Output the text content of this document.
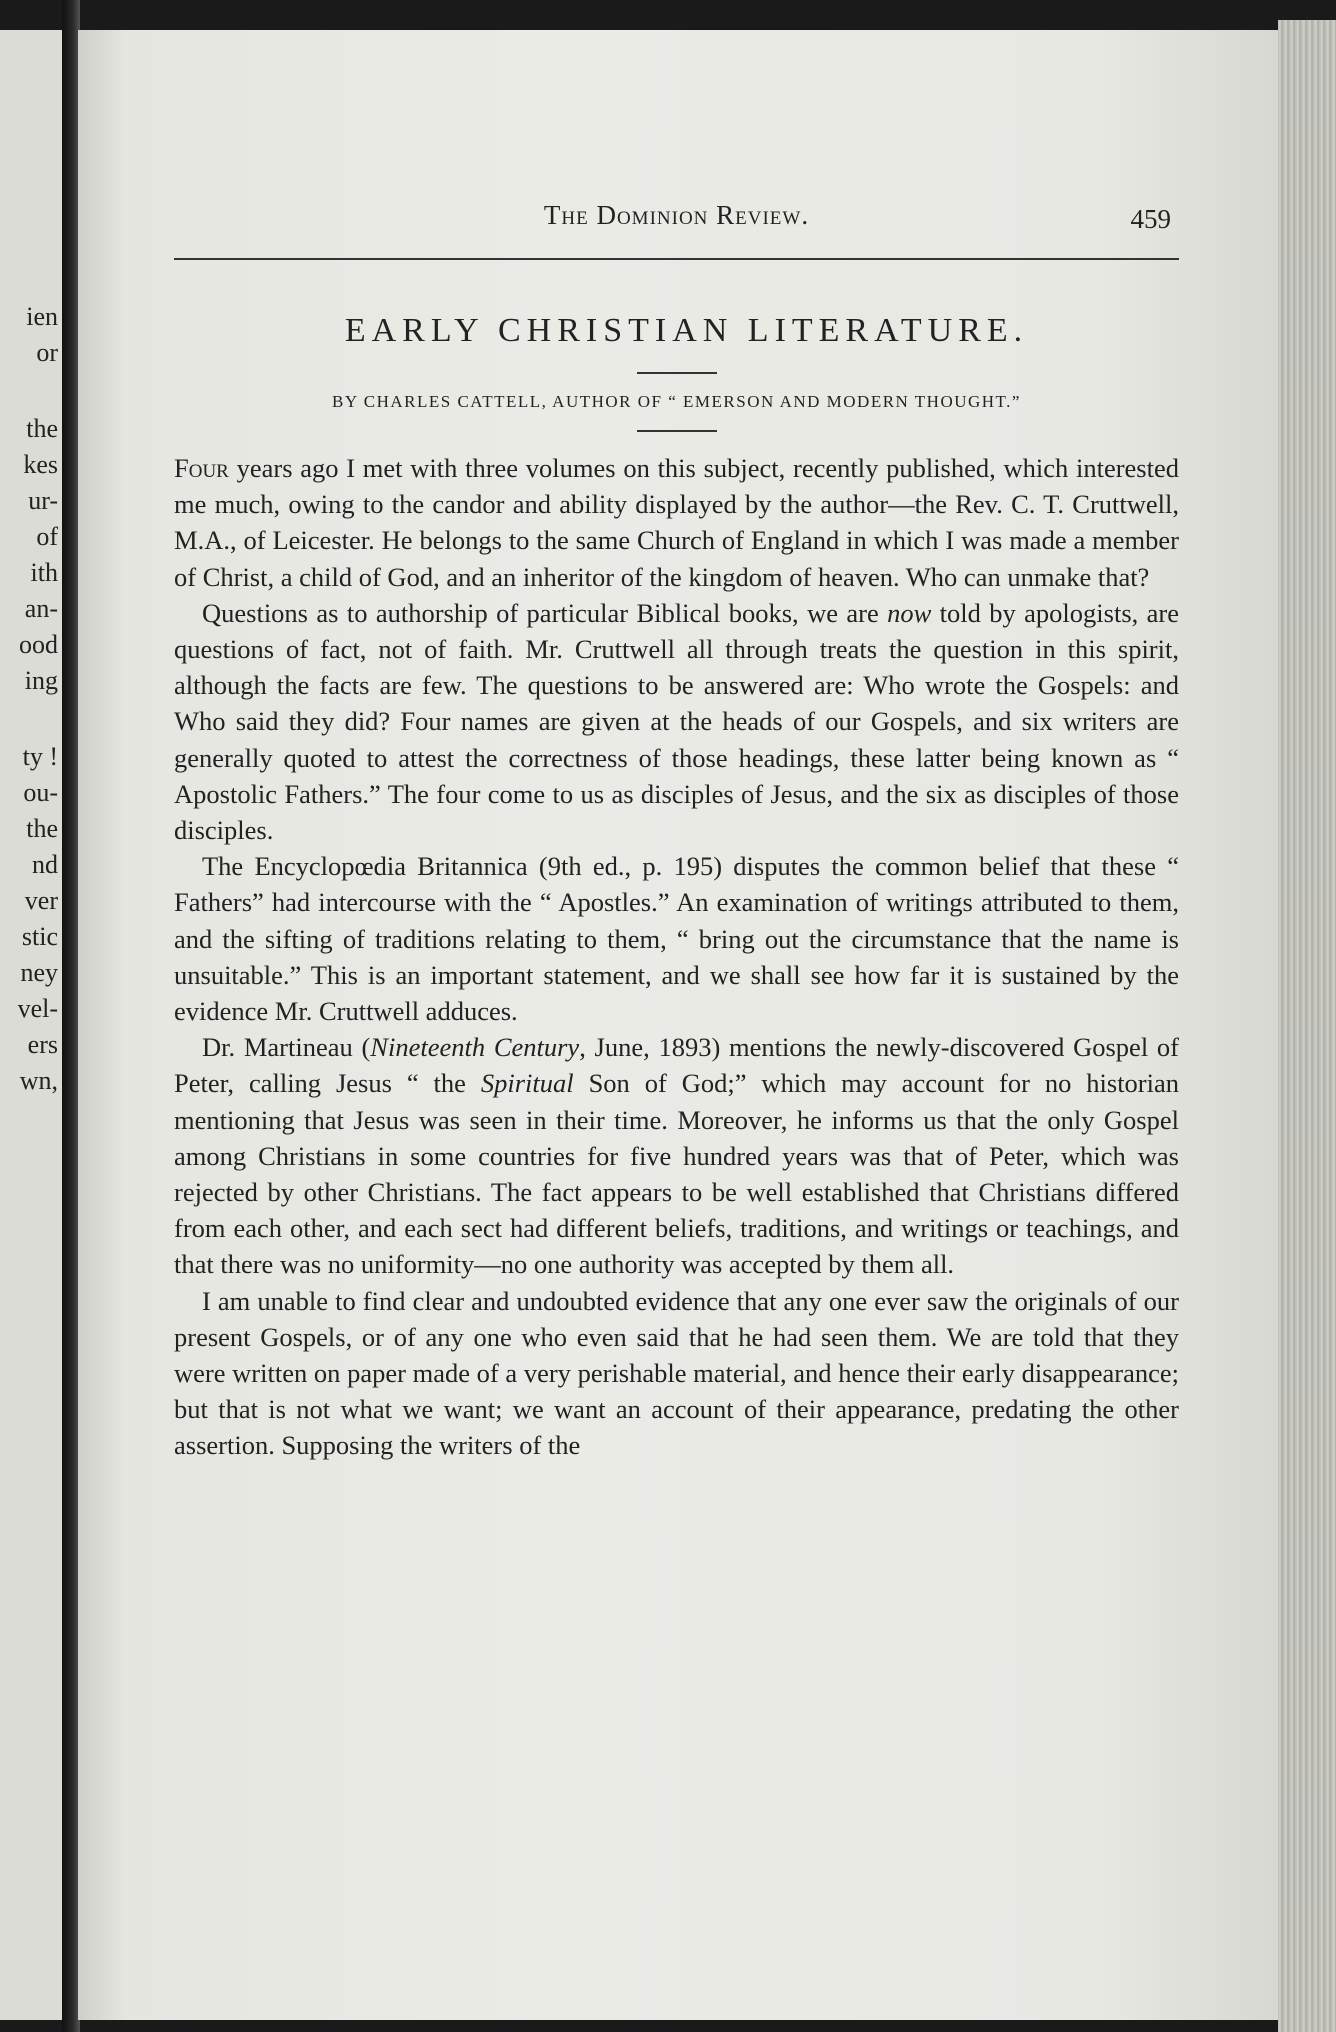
ien
or
the
kes
ur-
of
ith
an-
ood
ing
ty !
ou-
the
nd
ver
stic
ney
vel-
ers
wn,
The Dominion Review.	459
EARLY CHRISTIAN LITERATURE.
BY CHARLES CATTELL, AUTHOR OF “ EMERSON AND MODERN THOUGHT.”

Four years ago I met with three volumes on this subject, recently published, which interested me much, owing to the candor and ability displayed by the author—the Rev. C. T. Cruttwell, M.A., of Leicester. He belongs to the same Church of England in which I was made a member of Christ, a child of God, and an inheritor of the kingdom of heaven. Who can unmake that?

Questions as to authorship of particular Biblical books, we are now told by apologists, are questions of fact, not of faith. Mr. Cruttwell all through treats the question in this spirit, although the facts are few. The questions to be answered are: Who wrote the Gospels: and Who said they did? Four names are given at the heads of our Gospels, and six writers are generally quoted to attest the correctness of those headings, these latter being known as “ Apostolic Fathers.” The four come to us as disciples of Jesus, and the six as disciples of those disciples.

The Encyclopœdia Britannica (9th ed., p. 195) disputes the common belief that these “ Fathers” had intercourse with the “ Apostles.” An examination of writings attributed to them, and the sifting of traditions relating to them, “ bring out the circumstance that the name is unsuitable.” This is an important statement, and we shall see how far it is sustained by the evidence Mr. Cruttwell adduces.

Dr. Martineau (Nineteenth Century, June, 1893) mentions the newly-discovered Gospel of Peter, calling Jesus “ the Spiritual Son of God;” which may account for no historian mentioning that Jesus was seen in their time. Moreover, he informs us that the only Gospel among Christians in some countries for five hundred years was that of Peter, which was rejected by other Christians. The fact appears to be well established that Christians differed from each other, and each sect had different beliefs, traditions, and writings or teachings, and that there was no uniformity—no one authority was accepted by them all.

I am unable to find clear and undoubted evidence that any one ever saw the originals of our present Gospels, or of any one who even said that he had seen them. We are told that they were written on paper made of a very perishable material, and hence their early disappearance; but that is not what we want; we want an account of their appearance, predating the other assertion. Supposing the writers of the
